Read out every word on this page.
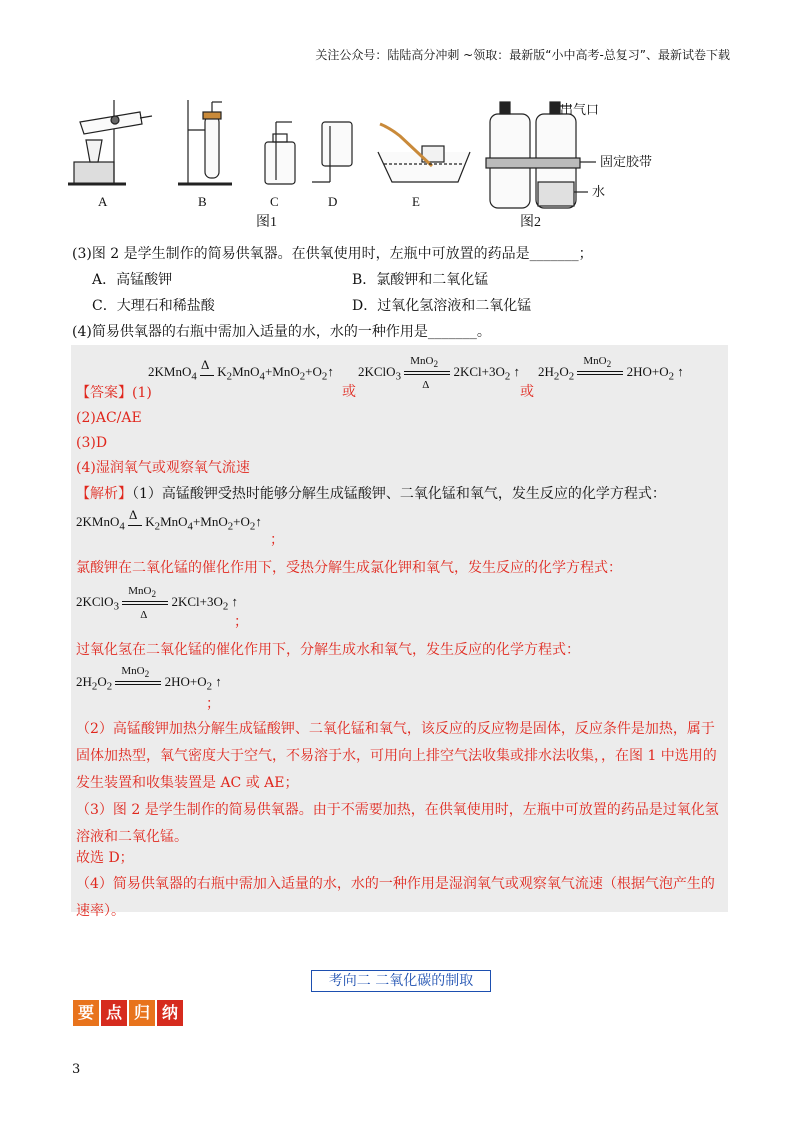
关注公众号：陆陆高分冲刺 ~领取：最新版“小中高考-总复习”、最新试卷下载
A	B	C	D	E
图1	图2
出气口
固定胶带
水
(3)图 2 是学生制作的简易供氧器。在供氧使用时，左瓶中可放置的药品是_______；
A．高锰酸钾	B．氯酸钾和二氧化锰
C．大理石和稀盐酸	D．过氧化氢溶液和二氧化锰
(4)简易供氧器的右瓶中需加入适量的水，水的一种作用是_______。
【答案】(1)
2KMnO$_4$
Δ $K_2MnO_4+MnO_2+O_2↑$
或
2KClO$_3$
MnO$_2$
Δ
$2KCl+3O_2$ ↑
或
$2H_2O_2$
MnO$_2$ $2HO+O_2$ ↑
(2)AC/AE
(3)D
(4)湿润氧气或观察氧气流速
【解析】（1）高锰酸钾受热时能够分解生成锰酸钾、二氧化锰和氧气，发生反应的化学方程式：
2KMnO$_4$
Δ $K_2MnO_4+MnO_2+O_2↑$
；
氯酸钾在二氧化锰的催化作用下，受热分解生成氯化钾和氧气，发生反应的化学方程式：
2KClO$_3$
MnO$_2$
Δ
$2KCl+3O_2$ ↑
；
过氧化氢在二氧化锰的催化作用下，分解生成水和氧气，发生反应的化学方程式：
$2H_2O_2$
MnO$_2$ $2HO+O_2$ ↑
；
（2）高锰酸钾加热分解生成锰酸钾、二氧化锰和氧气，该反应的反应物是固体，反应条件是加热，属于固体加热型，氧气密度大于空气，不易溶于水，可用向上排空气法收集或排水法收集，，在图 1 中选用的发生装置和收集装置是 AC 或 AE；
（3）图 2 是学生制作的简易供氧器。由于不需要加热，在供氧使用时，左瓶中可放置的药品是过氧化氢溶液和二氧化锰。
故选 D；
（4）简易供氧器的右瓶中需加入适量的水，水的一种作用是湿润氧气或观察氧气流速（根据气泡产生的速率）。
考向二 二氧化碳的制取
要 点 归 纳
3
